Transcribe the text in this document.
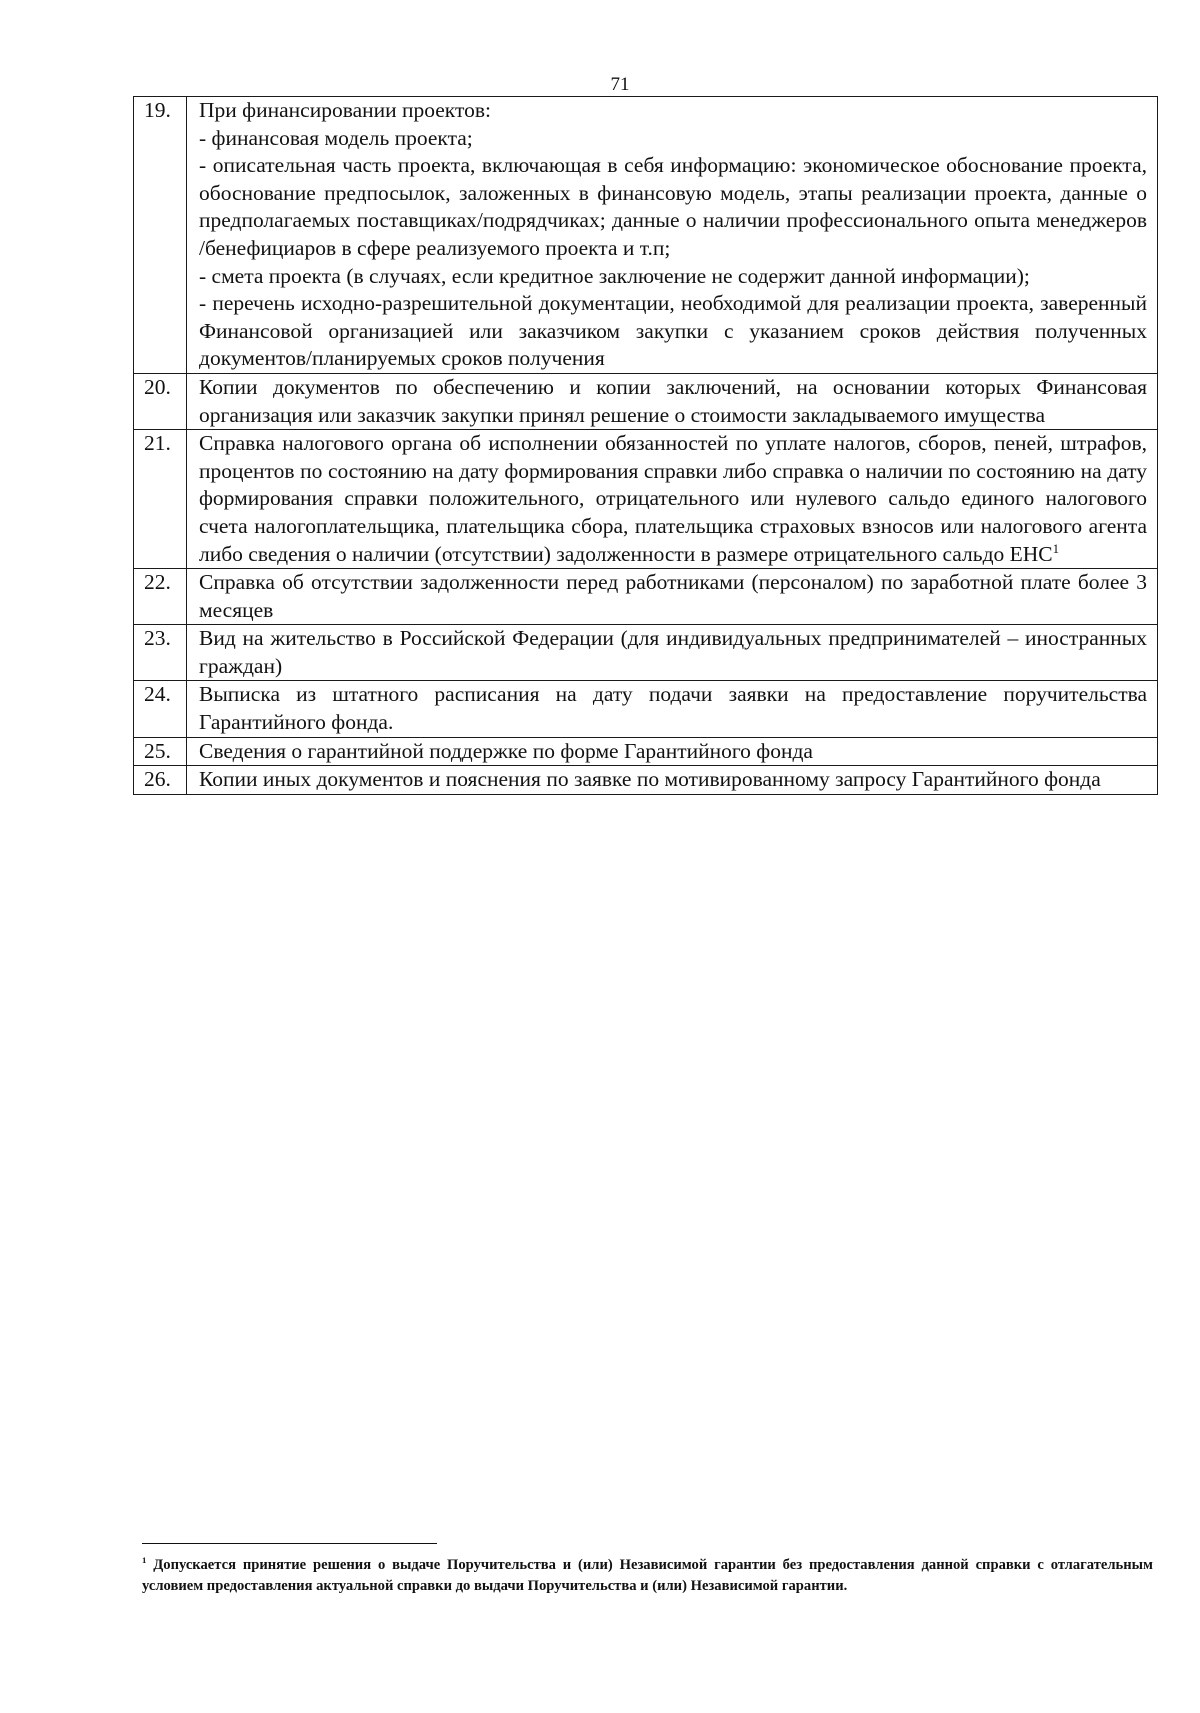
71
19.	При финансировании проектов:

- финансовая модель проекта;

- описательная часть проекта, включающая в себя информацию: экономическое обоснование проекта, обоснование предпосылок, заложенных в финансовую модель, этапы реализации проекта, данные о предполагаемых поставщиках/подрядчиках; данные о наличии профессионального опыта менеджеров /бенефициаров в сфере реализуемого проекта и т.п;

- смета проекта (в случаях, если кредитное заключение не содержит данной информации);

- перечень исходно-разрешительной документации, необходимой для реализации проекта, заверенный Финансовой организацией или заказчиком закупки с указанием сроков действия полученных документов/планируемых сроков получения

20.	Копии документов по обеспечению и копии заключений, на основании которых Финансовая организация или заказчик закупки принял решение о стоимости закладываемого имущества

21.	Справка налогового органа об исполнении обязанностей по уплате налогов, сборов, пеней, штрафов, процентов по состоянию на дату формирования справки либо справка о наличии по состоянию на дату формирования справки положительного, отрицательного или нулевого сальдо единого налогового счета налогоплательщика, плательщика сбора, плательщика страховых взносов или налогового агента либо сведения о наличии (отсутствии) задолженности в размере отрицательного сальдо ЕНС$^1$

22.	Справка об отсутствии задолженности перед работниками (персоналом) по заработной плате более 3 месяцев

23.	Вид на жительство в Российской Федерации (для индивидуальных предпринимателей – иностранных граждан)

24.	Выписка из штатного расписания на дату подачи заявки на предоставление поручительства Гарантийного фонда.

25.	Сведения о гарантийной поддержке по форме Гарантийного фонда

26.	Копии иных документов и пояснения по заявке по мотивированному запросу Гарантийного фонда

$^1$ Допускается принятие решения о выдаче Поручительства и (или) Независимой гарантии без предоставления данной справки с отлагательным условием предоставления актуальной справки до выдачи Поручительства и (или) Независимой гарантии.
